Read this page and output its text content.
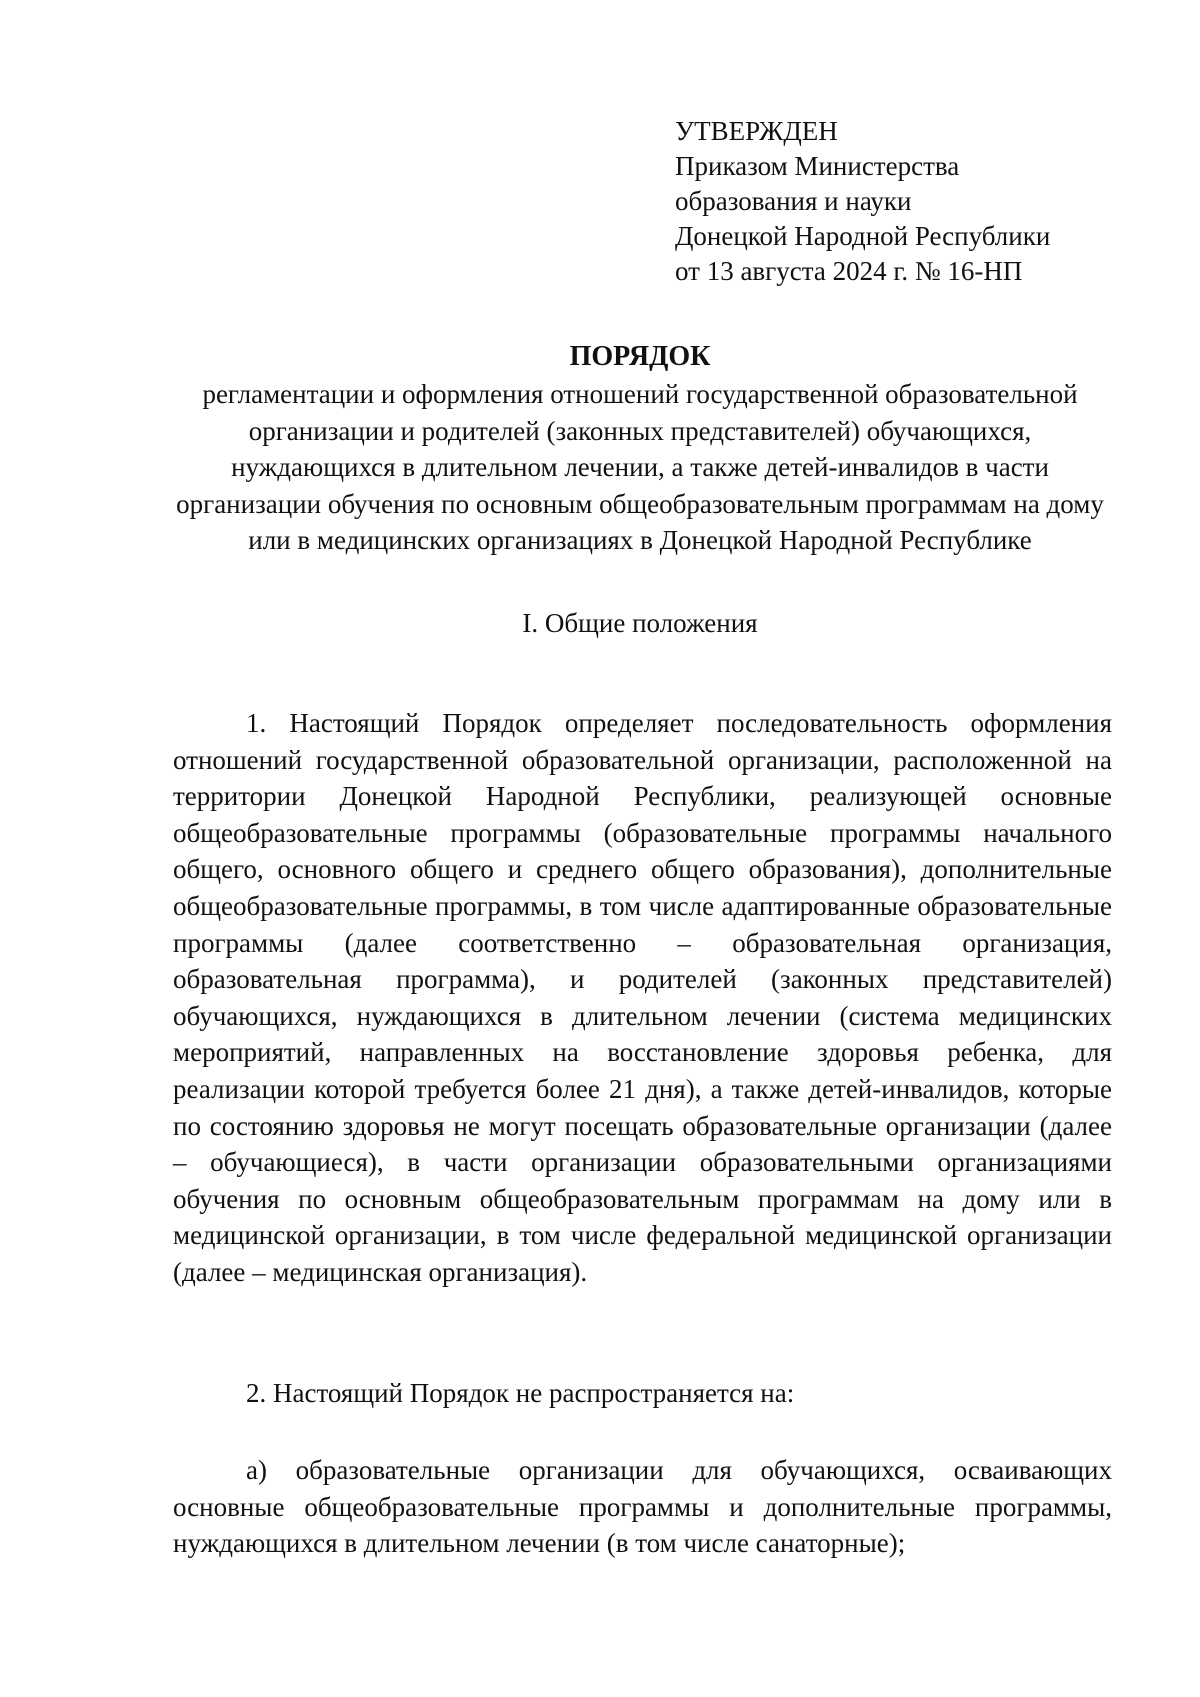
УТВЕРЖДЕН
Приказом Министерства
образования и науки
Донецкой Народной Республики
от 13 августа 2024 г. № 16-НП
ПОРЯДОК
регламентации и оформления отношений государственной образовательной организации и родителей (законных представителей) обучающихся, нуждающихся в длительном лечении, а также детей-инвалидов в части организации обучения по основным общеобразовательным программам на дому или в медицинских организациях в Донецкой Народной Республике
I. Общие положения

1. Настоящий Порядок определяет последовательность оформления отношений государственной образовательной организации, расположенной на территории Донецкой Народной Республики, реализующей основные общеобразовательные программы (образовательные программы начального общего, основного общего и среднего общего образования), дополнительные общеобразовательные программы, в том числе адаптированные образовательные программы (далее соответственно – образовательная организация, образовательная программа), и родителей (законных представителей) обучающихся, нуждающихся в длительном лечении (система медицинских мероприятий, направленных на восстановление здоровья ребенка, для реализации которой требуется более 21 дня), а также детей-инвалидов, которые по состоянию здоровья не могут посещать образовательные организации (далее – обучающиеся), в части организации образовательными организациями обучения по основным общеобразовательным программам на дому или в медицинской организации, в том числе федеральной медицинской организации (далее – медицинская организация).

2. Настоящий Порядок не распространяется на:

а) образовательные организации для обучающихся, осваивающих основные общеобразовательные программы и дополнительные программы, нуждающихся в длительном лечении (в том числе санаторные);
